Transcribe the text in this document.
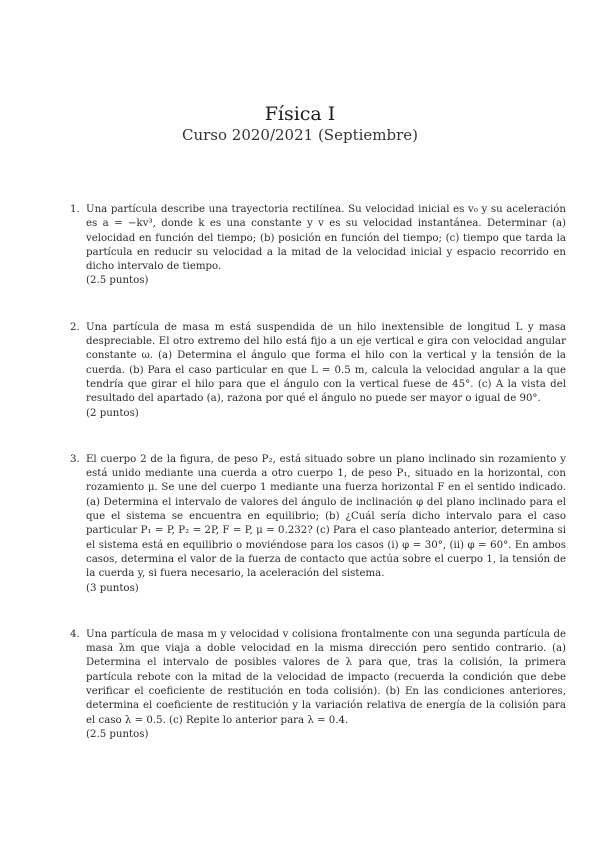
Física I
Curso 2020/2021 (Septiembre)
1. Una partícula describe una trayectoria rectilínea. Su velocidad inicial es v₀ y su aceleración es a = −kv³, donde k es una constante y v es su velocidad instantánea. Determinar (a) velocidad en función del tiempo; (b) posición en función del tiempo; (c) tiempo que tarda la partícula en reducir su velocidad a la mitad de la velocidad inicial y espacio recorrido en dicho intervalo de tiempo.
(2.5 puntos)
2. Una partícula de masa m está suspendida de un hilo inextensible de longitud L y masa despreciable. El otro extremo del hilo está fijo a un eje vertical e gira con velocidad angular constante ω. (a) Determina el ángulo que forma el hilo con la vertical y la tensión de la cuerda. (b) Para el caso particular en que L = 0.5 m, calcula la velocidad angular a la que tendría que girar el hilo para que el ángulo con la vertical fuese de 45°. (c) A la vista del resultado del apartado (a), razona por qué el ángulo no puede ser mayor o igual de 90°.
(2 puntos)
3. El cuerpo 2 de la figura, de peso P₂, está situado sobre un plano inclinado sin rozamiento y está unido mediante una cuerda a otro cuerpo 1, de peso P₁, situado en la horizontal, con rozamiento μ. Se une del cuerpo 1 mediante una fuerza horizontal F en el sentido indicado. (a) Determina el intervalo de valores del ángulo de inclinación φ del plano inclinado para el que el sistema se encuentra en equilibrio; (b) ¿Cuál sería dicho intervalo para el caso particular P₁ = P, P₂ = 2P, F = P, μ = 0.232? (c) Para el caso planteado anterior, determina si el sistema está en equilibrio o moviéndose para los casos (i) φ = 30°, (ii) φ = 60°. En ambos casos, determina el valor de la fuerza de contacto que actúa sobre el cuerpo 1, la tensión de la cuerda y, si fuera necesario, la aceleración del sistema.
(3 puntos)
4. Una partícula de masa m y velocidad v colisiona frontalmente con una segunda partícula de masa λm que viaja a doble velocidad en la misma dirección pero sentido contrario. (a) Determina el intervalo de posibles valores de λ para que, tras la colisión, la primera partícula rebote con la mitad de la velocidad de impacto (recuerda la condición que debe verificar el coeficiente de restitución en toda colisión). (b) En las condiciones anteriores, determina el coeficiente de restitución y la variación relativa de energía de la colisión para el caso λ = 0.5. (c) Repite lo anterior para λ = 0.4.
(2.5 puntos)
